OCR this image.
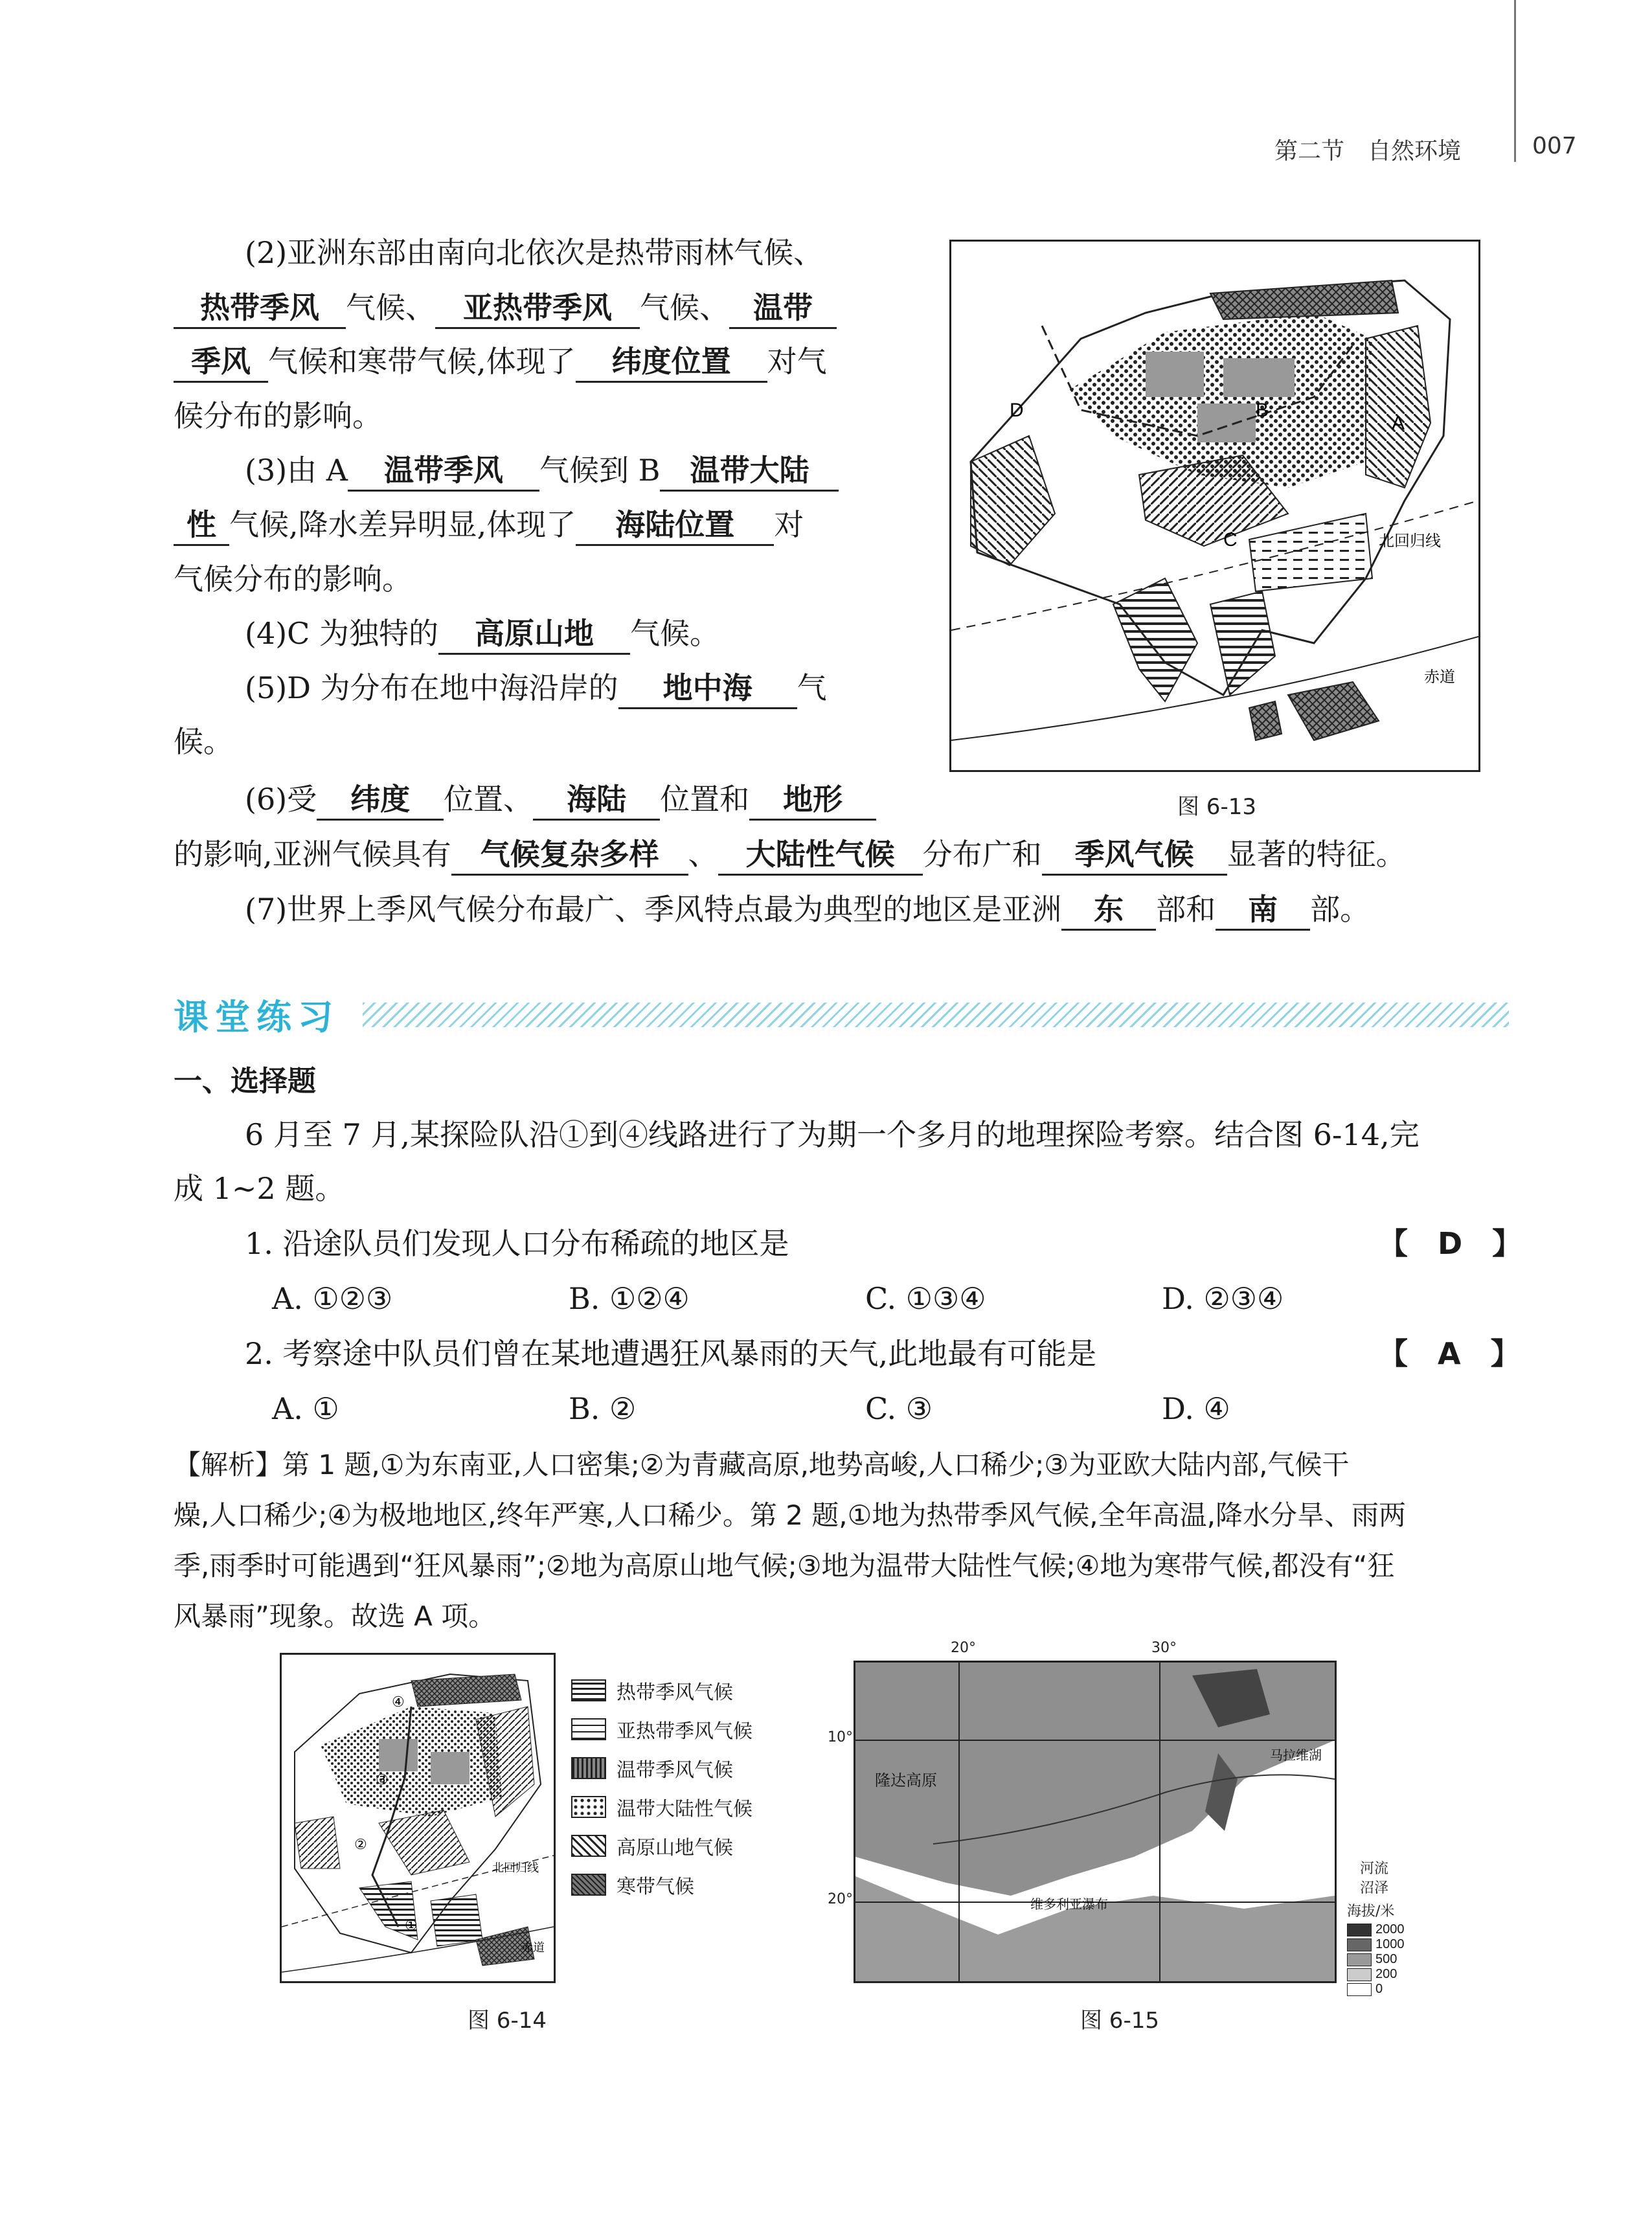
第二节　自然环境	007
(2)亚洲东部由南向北依次是热带雨林气候、
热带季风 气候、 亚热带季风 气候、 温带
季风 气候和寒带气候,体现了 纬度位置 对气
候分布的影响。
(3)由 A 温带季风 气候到 B 温带大陆
性 气候,降水差异明显,体现了 海陆位置 对
气候分布的影响。
(4)C 为独特的 高原山地 气候。
(5)D 为分布在地中海沿岸的 地中海 气
候。
(6)受 纬度 位置、 海陆 位置和 地形
的影响,亚洲气候具有 气候复杂多样 、 大陆性气候 分布广和 季风气候 显著的特征。
(7)世界上季风气候分布最广、季风特点最为典型的地区是亚洲 东 部和 南 部。
A
B
C
D
北回归线
赤道
图 6-13
课堂练习
一、选择题
6 月至 7 月,某探险队沿①到④线路进行了为期一个多月的地理探险考察。结合图 6-14,完
成 1~2 题。
1. 沿途队员们发现人口分布稀疏的地区是	【　D　】
A. ①②③	B. ①②④	C. ①③④	D. ②③④
2. 考察途中队员们曾在某地遭遇狂风暴雨的天气,此地最有可能是	【　A　】
A. ①	B. ②	C. ③	D. ④
【解析】第 1 题,①为东南亚,人口密集;②为青藏高原,地势高峻,人口稀少;③为亚欧大陆内部,气候干
燥,人口稀少;④为极地地区,终年严寒,人口稀少。第 2 题,①地为热带季风气候,全年高温,降水分旱、雨两
季,雨季时可能遇到“狂风暴雨”;②地为高原山地气候;③地为温带大陆性气候;④地为寒带气候,都没有“狂
风暴雨”现象。故选 A 项。
①
②
③
④
北回归线
赤道
热带季风气候
亚热带季风气候
温带季风气候
温带大陆性气候
高原山地气候
寒带气候
图 6-14
隆达高原
维多利亚瀑布
马拉维湖
20°	30°
10°
20°
河流
沼泽
海拔/米
2000
1000
500
200
0
图 6-15
